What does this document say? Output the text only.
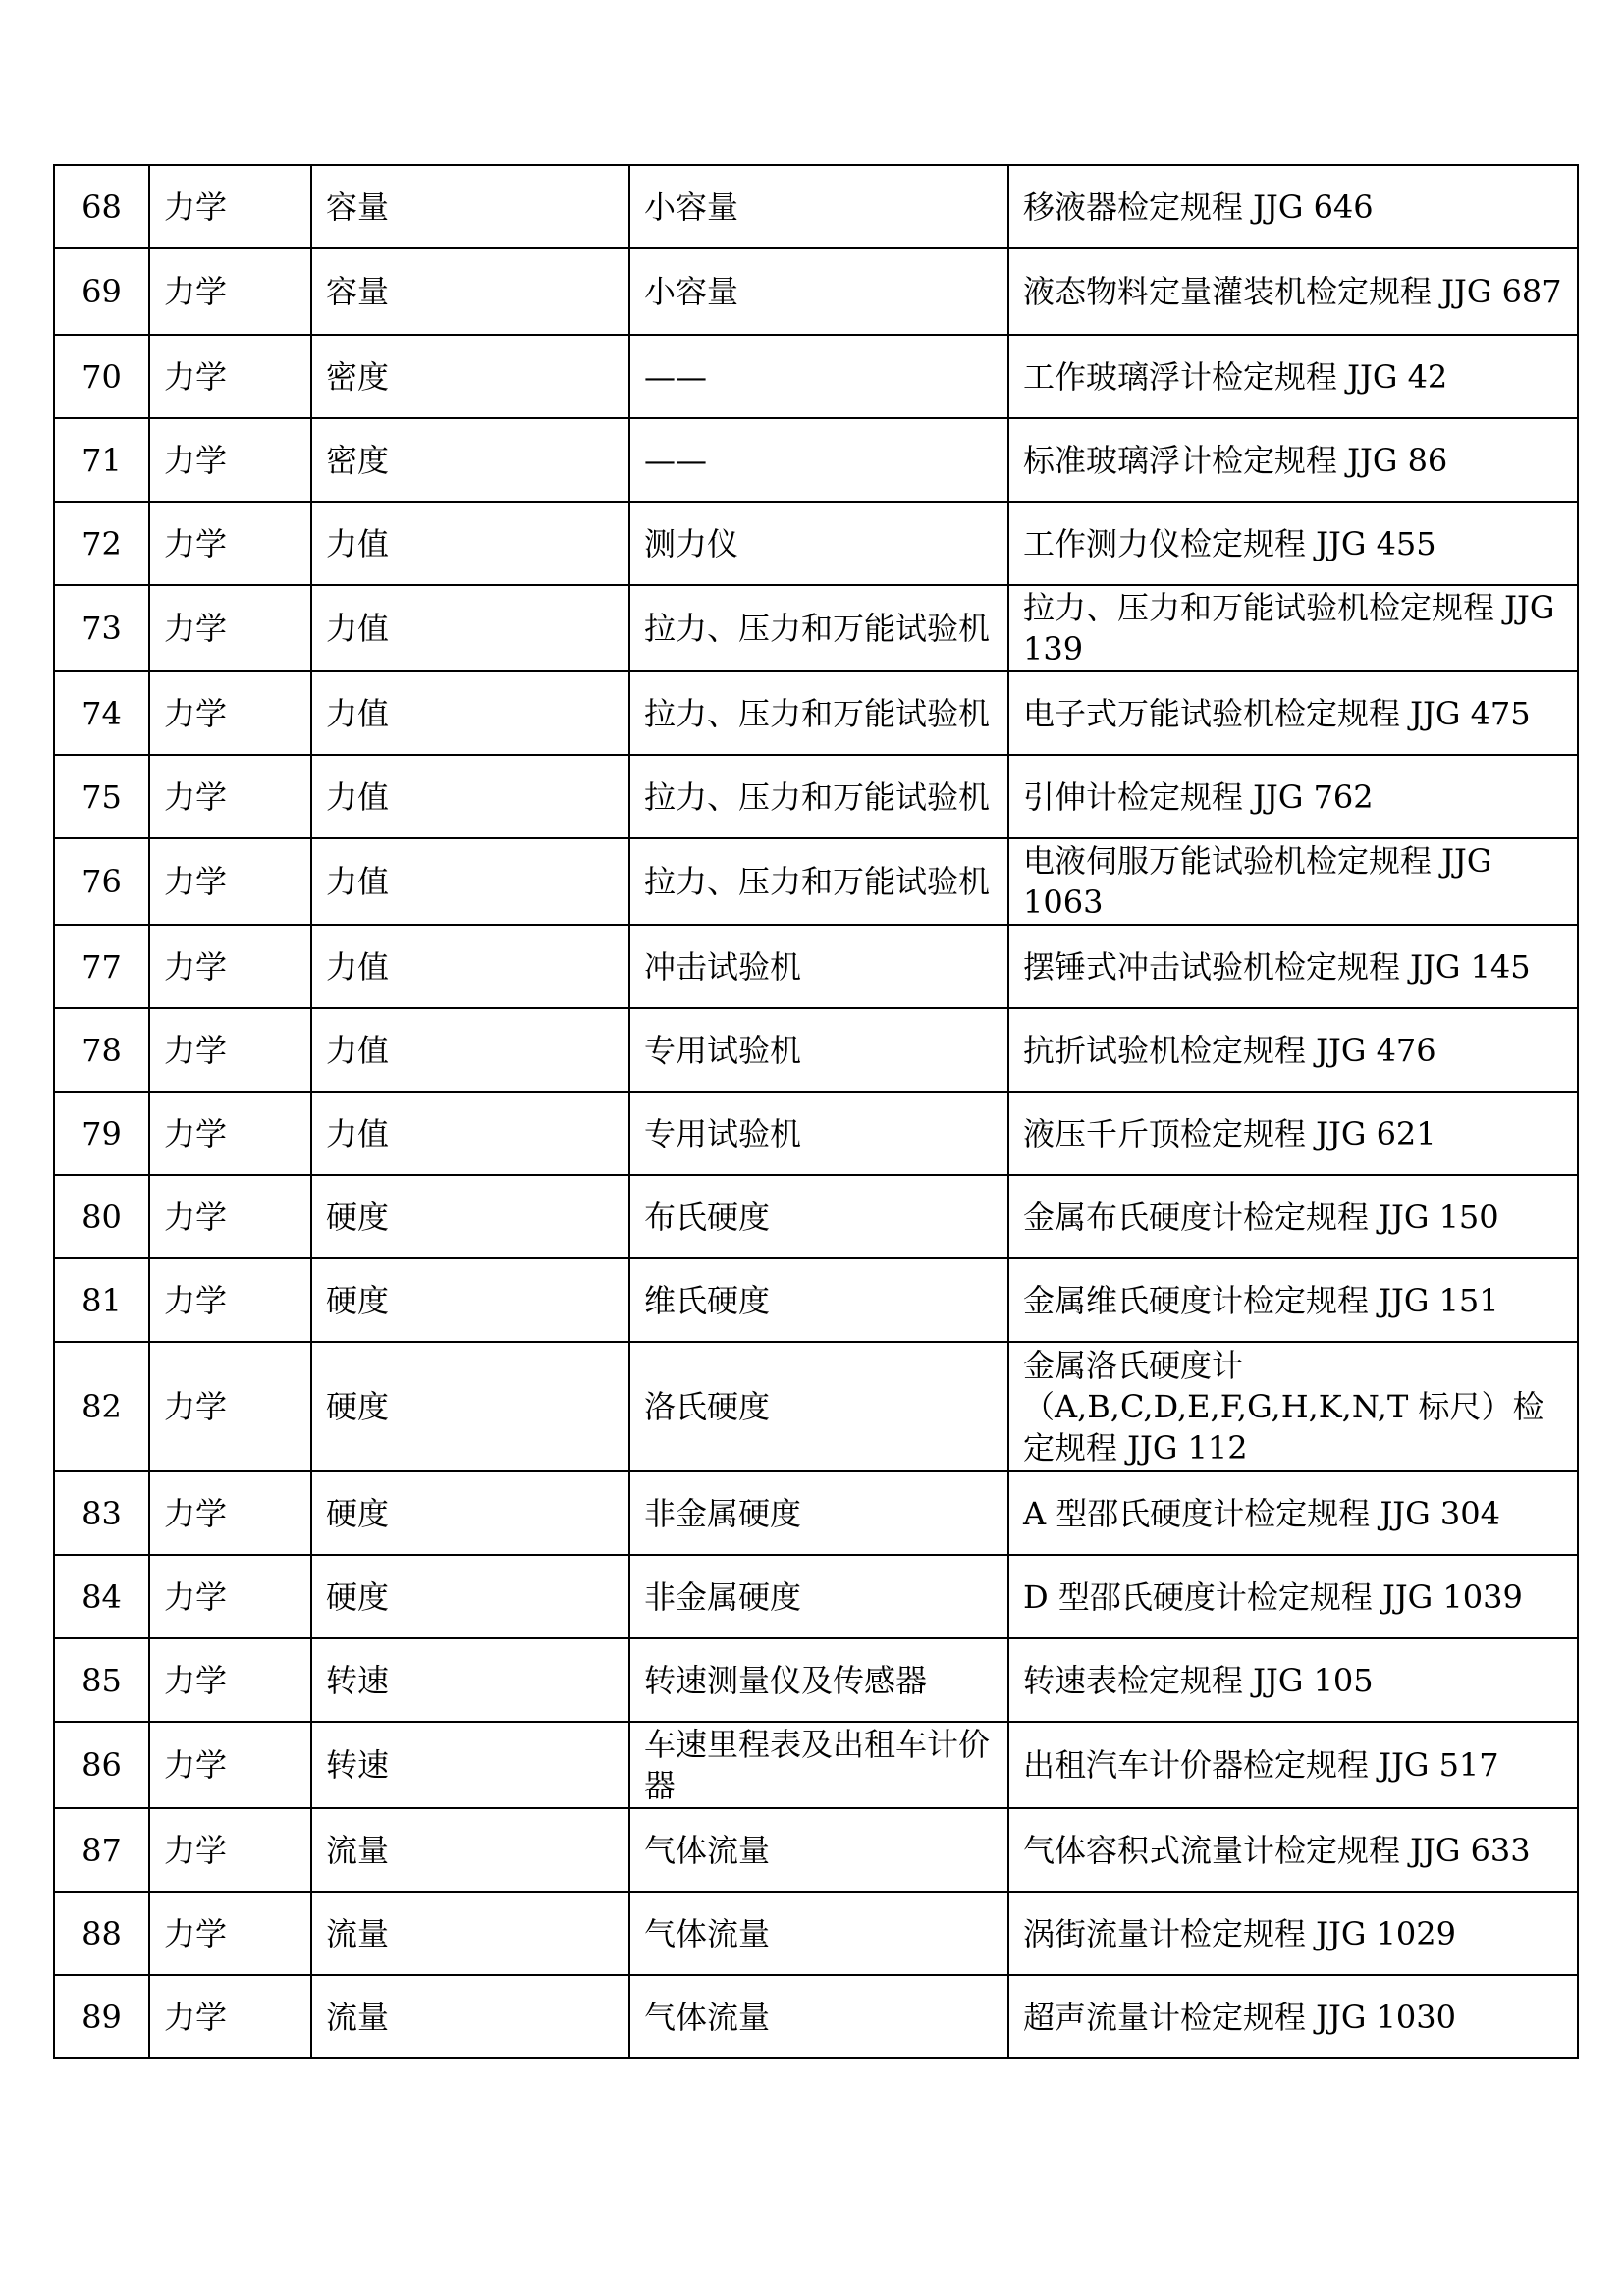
68	力学	容量	小容量	移液器检定规程 JJG 646
69	力学	容量	小容量	液态物料定量灌装机检定规程 JJG 687
70	力学	密度	——	工作玻璃浮计检定规程 JJG 42
71	力学	密度	——	标准玻璃浮计检定规程 JJG 86
72	力学	力值	测力仪	工作测力仪检定规程 JJG 455
73	力学	力值	拉力、压力和万能试验机	拉力、压力和万能试验机检定规程 JJG 139
74	力学	力值	拉力、压力和万能试验机	电子式万能试验机检定规程 JJG 475
75	力学	力值	拉力、压力和万能试验机	引伸计检定规程 JJG 762
76	力学	力值	拉力、压力和万能试验机	电液伺服万能试验机检定规程 JJG 1063
77	力学	力值	冲击试验机	摆锤式冲击试验机检定规程 JJG 145
78	力学	力值	专用试验机	抗折试验机检定规程 JJG 476
79	力学	力值	专用试验机	液压千斤顶检定规程 JJG 621
80	力学	硬度	布氏硬度	金属布氏硬度计检定规程 JJG 150
81	力学	硬度	维氏硬度	金属维氏硬度计检定规程 JJG 151
82	力学	硬度	洛氏硬度	金属洛氏硬度计（A,B,C,D,E,F,G,H,K,N,T 标尺）检定规程 JJG 112
83	力学	硬度	非金属硬度	A 型邵氏硬度计检定规程 JJG 304
84	力学	硬度	非金属硬度	D 型邵氏硬度计检定规程 JJG 1039
85	力学	转速	转速测量仪及传感器	转速表检定规程 JJG 105
86	力学	转速	车速里程表及出租车计价器	出租汽车计价器检定规程 JJG 517
87	力学	流量	气体流量	气体容积式流量计检定规程 JJG 633
88	力学	流量	气体流量	涡街流量计检定规程 JJG 1029
89	力学	流量	气体流量	超声流量计检定规程 JJG 1030
